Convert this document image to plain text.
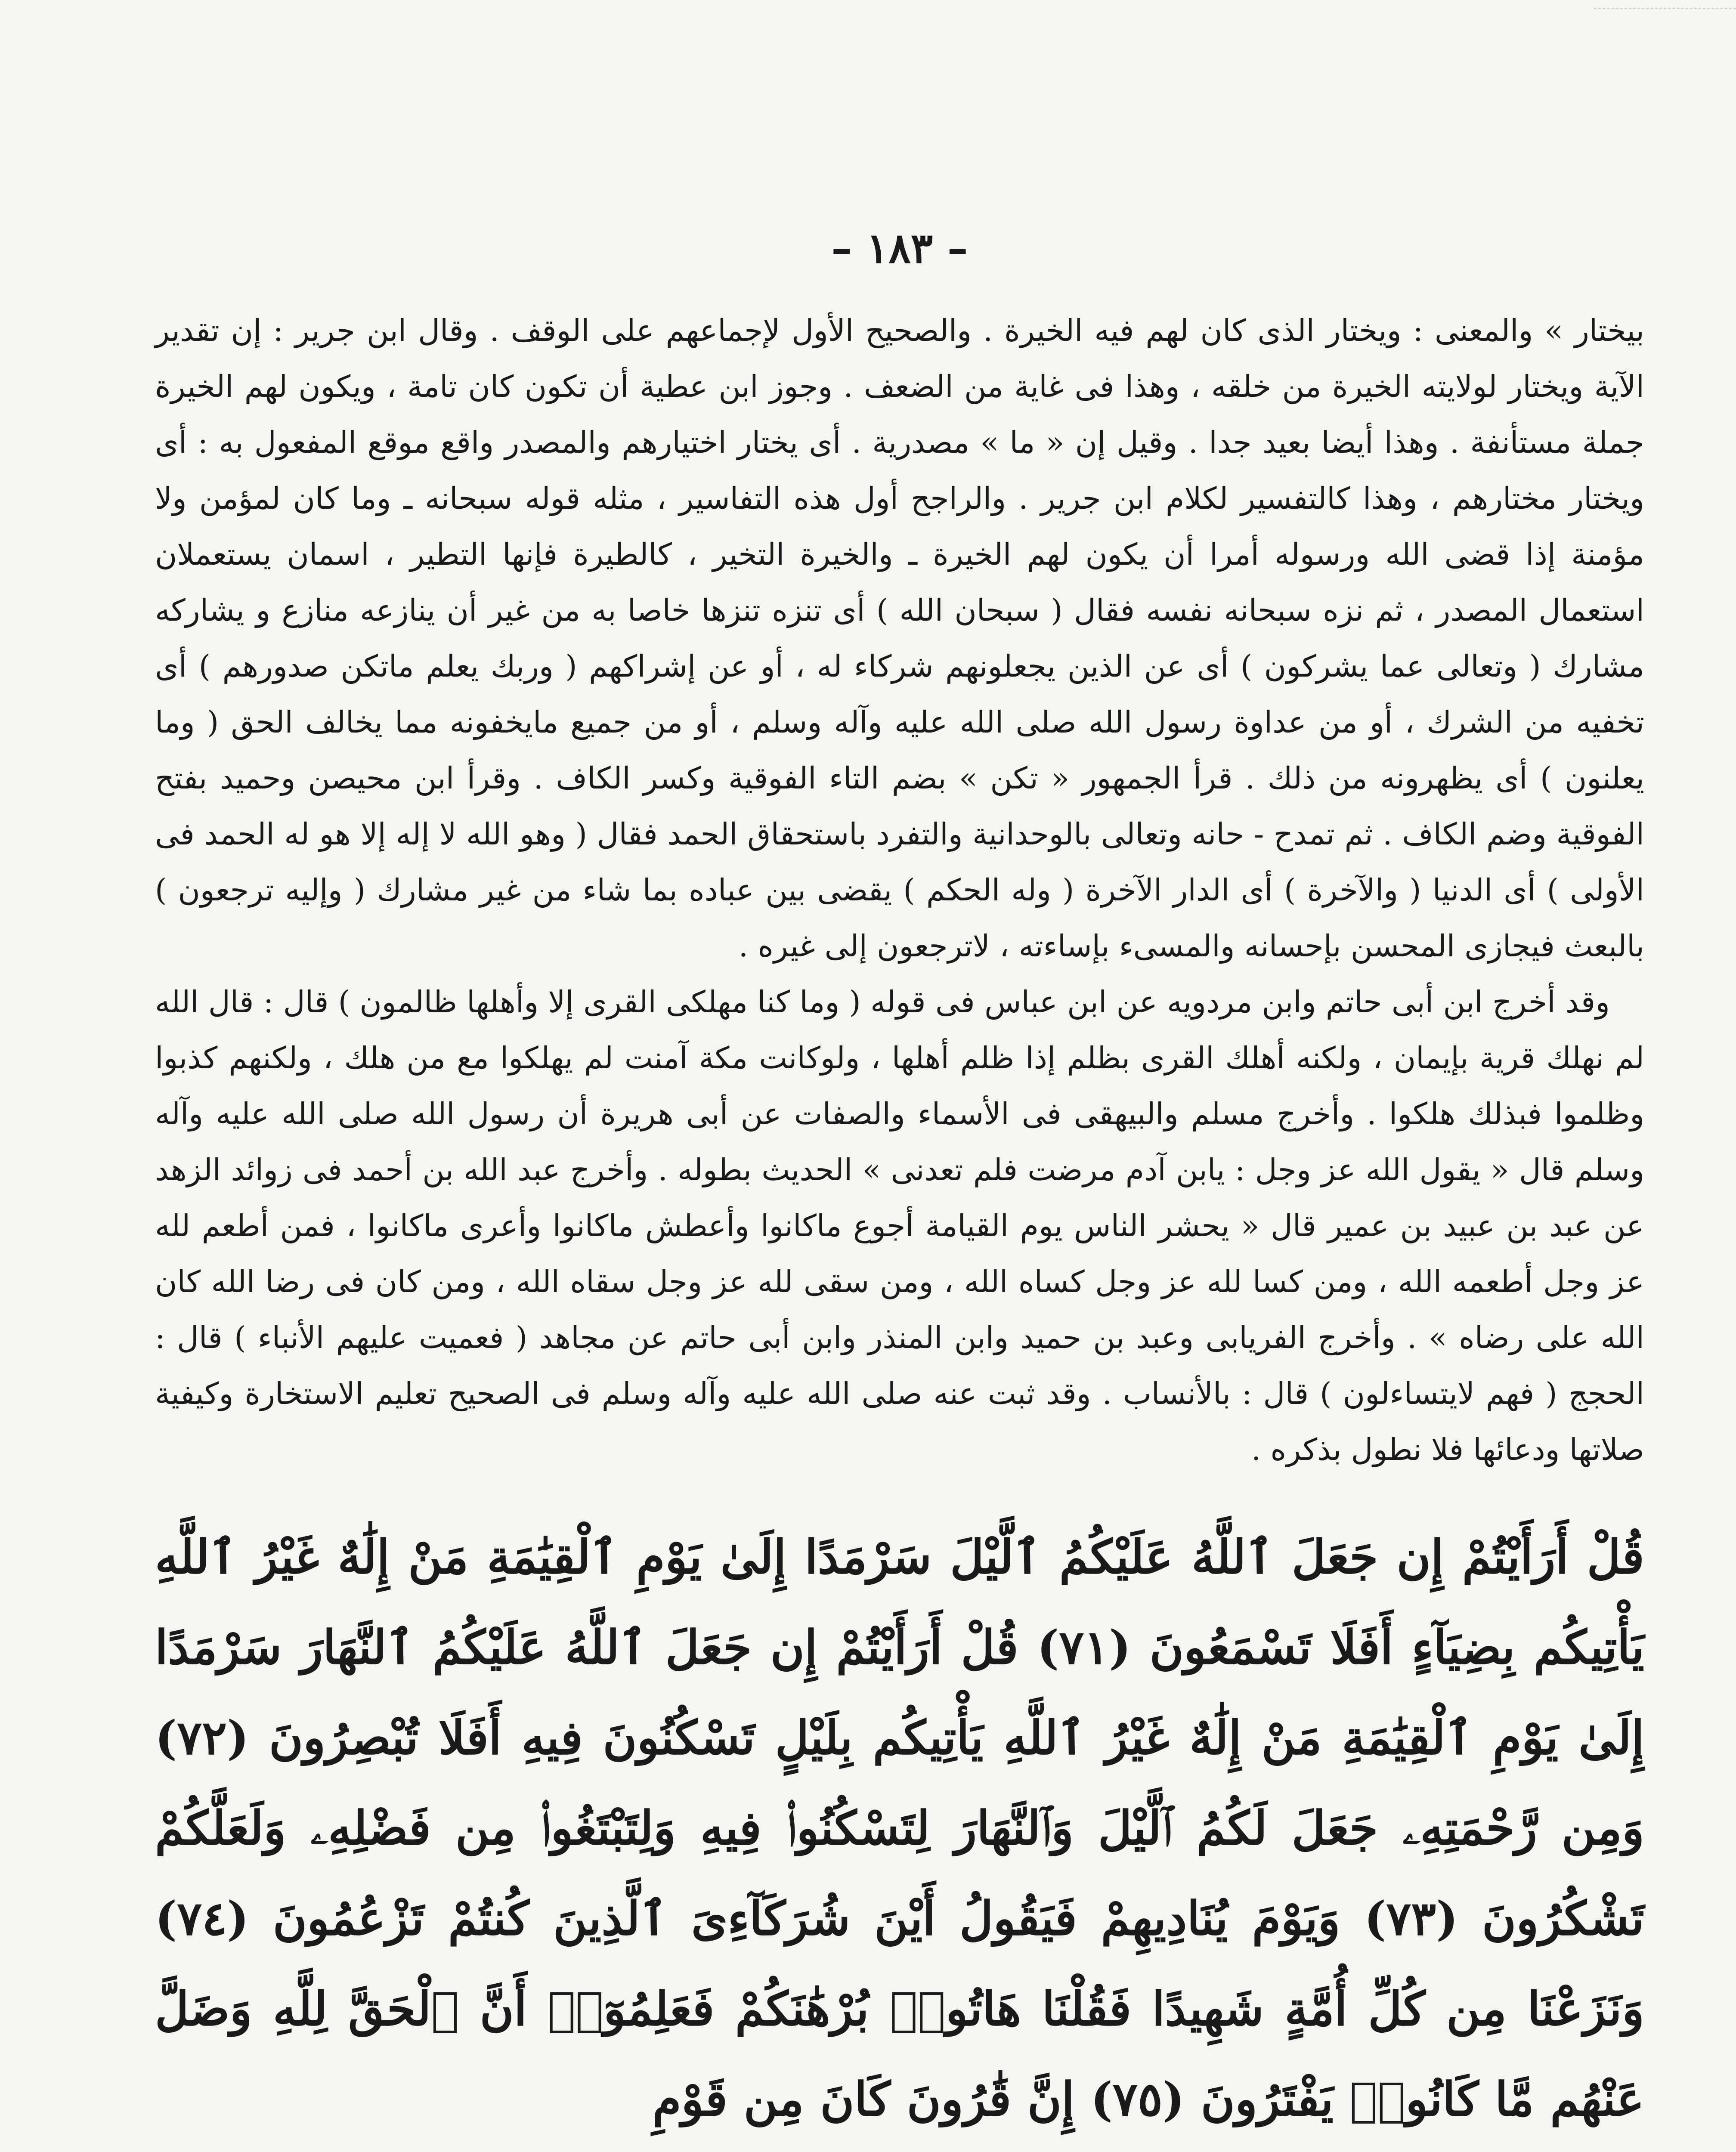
– ١٨٣ –

بيختار » والمعنى : ويختار الذى كان لهم فيه الخيرة . والصحيح الأول لإجماعهم على الوقف . وقال ابن جرير : إن تقدير الآية ويختار لولايته الخيرة من خلقه ، وهذا فى غاية من الضعف . وجوز ابن عطية أن تكون كان تامة ، ويكون لهم الخيرة جملة مستأنفة . وهذا أيضا بعيد جدا . وقيل إن « ما » مصدرية . أى يختار اختيارهم والمصدر واقع موقع المفعول به : أى ويختار مختارهم ، وهذا كالتفسير لكلام ابن جرير . والراجح أول هذه التفاسير ، مثله قوله سبحانه ـ وما كان لمؤمن ولا مؤمنة إذا قضى الله ورسوله أمرا أن يكون لهم الخيرة ـ والخيرة التخير ، كالطيرة فإنها التطير ، اسمان يستعملان استعمال المصدر ، ثم نزه سبحانه نفسه فقال ( سبحان الله ) أى تنزه تنزها خاصا به من غير أن ينازعه منازع و يشاركه مشارك ( وتعالى عما يشركون ) أى عن الذين يجعلونهم شركاء له ، أو عن إشراكهم ( وربك يعلم ماتكن صدورهم ) أى تخفيه من الشرك ، أو من عداوة رسول الله صلى الله عليه وآله وسلم ، أو من جميع مايخفونه مما يخالف الحق ( وما يعلنون ) أى يظهرونه من ذلك . قرأ الجمهور « تكن » بضم التاء الفوقية وكسر الكاف . وقرأ ابن محيصن وحميد بفتح الفوقية وضم الكاف . ثم تمدح - حانه وتعالى بالوحدانية والتفرد باستحقاق الحمد فقال ( وهو الله لا إله إلا هو له الحمد فى الأولى ) أى الدنيا ( والآخرة ) أى الدار الآخرة ( وله الحكم ) يقضى بين عباده بما شاء من غير مشارك ( وإليه ترجعون ) بالبعث فيجازى المحسن بإحسانه والمسىء بإساءته ، لاترجعون إلى غيره .

وقد أخرج ابن أبى حاتم وابن مردويه عن ابن عباس فى قوله ( وما كنا مهلكى القرى إلا وأهلها ظالمون ) قال : قال الله لم نهلك قرية بإيمان ، ولكنه أهلك القرى بظلم إذا ظلم أهلها ، ولوكانت مكة آمنت لم يهلكوا مع من هلك ، ولكنهم كذبوا وظلموا فبذلك هلكوا . وأخرج مسلم والبيهقى فى الأسماء والصفات عن أبى هريرة أن رسول الله صلى الله عليه وآله وسلم قال « يقول الله عز وجل : يابن آدم مرضت فلم تعدنى » الحديث بطوله . وأخرج عبد الله بن أحمد فى زوائد الزهد عن عبد بن عبيد بن عمير قال « يحشر الناس يوم القيامة أجوع ماكانوا وأعطش ماكانوا وأعرى ماكانوا ، فمن أطعم لله عز وجل أطعمه الله ، ومن كسا لله عز وجل كساه الله ، ومن سقى لله عز وجل سقاه الله ، ومن كان فى رضا الله كان الله على رضاه » . وأخرج الفريابى وعبد بن حميد وابن المنذر وابن أبى حاتم عن مجاهد ( فعميت عليهم الأنباء ) قال : الحجج ( فهم لايتساءلون ) قال : بالأنساب . وقد ثبت عنه صلى الله عليه وآله وسلم فى الصحيح تعليم الاستخارة وكيفية صلاتها ودعائها فلا نطول بذكره .

قُلْ أَرَأَيْتُمْ إِن جَعَلَ ٱللَّهُ عَلَيْكُمُ ٱلَّيْلَ سَرْمَدًا إِلَىٰ يَوْمِ ٱلْقِيَٰمَةِ مَنْ إِلَٰهٌ غَيْرُ ٱللَّهِ يَأْتِيكُم بِضِيَآءٍ أَفَلَا تَسْمَعُونَ (٧١) قُلْ أَرَأَيْتُمْ إِن جَعَلَ ٱللَّهُ عَلَيْكُمُ ٱلنَّهَارَ سَرْمَدًا إِلَىٰ يَوْمِ ٱلْقِيَٰمَةِ مَنْ إِلَٰهٌ غَيْرُ ٱللَّهِ يَأْتِيكُم بِلَيْلٍ تَسْكُنُونَ فِيهِ أَفَلَا تُبْصِرُونَ (٧٢) وَمِن رَّحْمَتِهِۦ جَعَلَ لَكُمُ ٱلَّيْلَ وَٱلنَّهَارَ لِتَسْكُنُوا۟ فِيهِ وَلِتَبْتَغُوا۟ مِن فَضْلِهِۦ وَلَعَلَّكُمْ تَشْكُرُونَ (٧٣) وَيَوْمَ يُنَادِيهِمْ فَيَقُولُ أَيْنَ شُرَكَآءِىَ ٱلَّذِينَ كُنتُمْ تَزْعُمُونَ (٧٤) وَنَزَعْنَا مِن كُلِّ أُمَّةٍ شَهِيدًا فَقُلْنَا هَاتُوا۟ بُرْهَٰنَكُمْ فَعَلِمُوٓا۟ أَنَّ ٱلْحَقَّ لِلَّهِ وَضَلَّ عَنْهُم مَّا كَانُوا۟ يَفْتَرُونَ (٧٥) إِنَّ قَٰرُونَ كَانَ مِن قَوْمِ
